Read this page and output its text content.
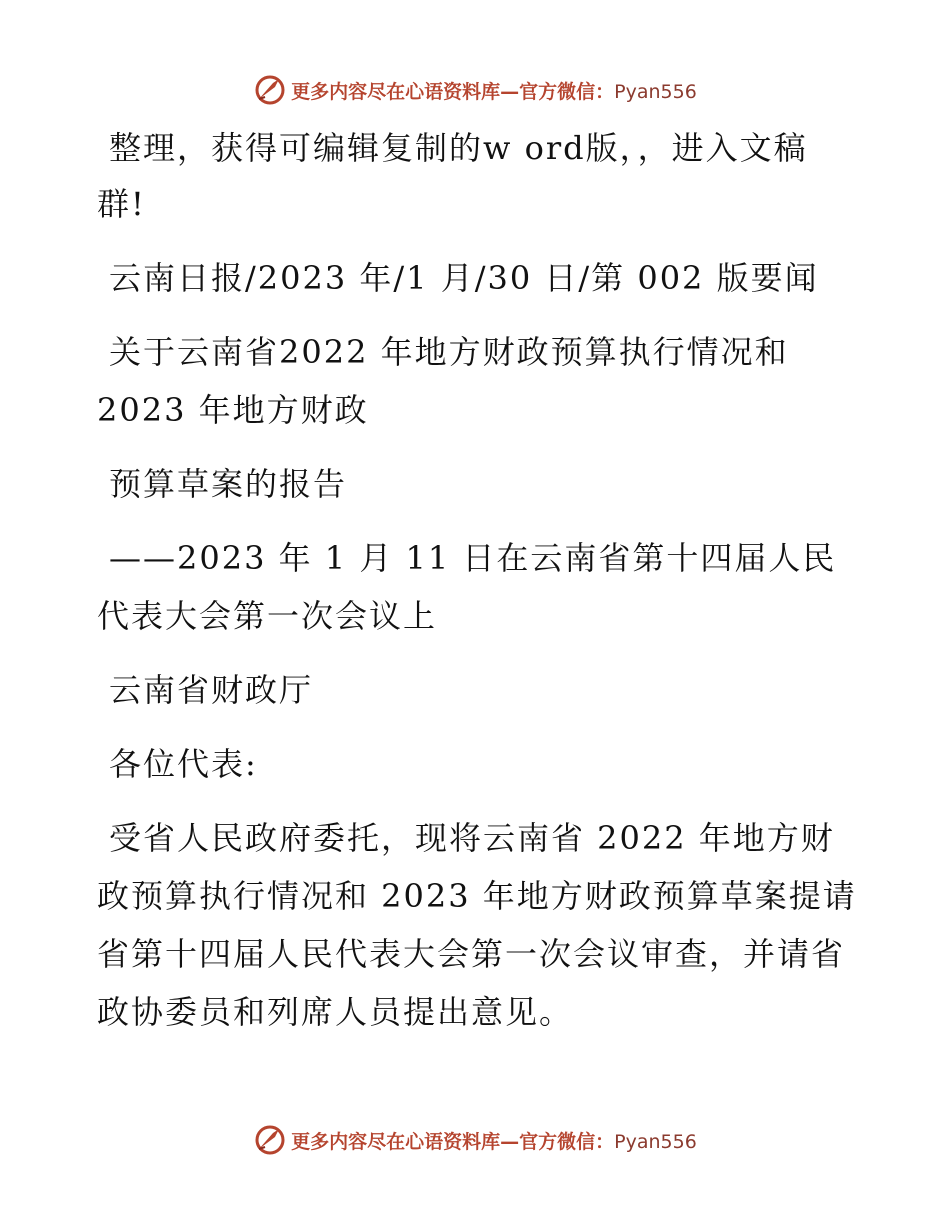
更多内容尽在心语资料库—官方微信：Pyan556
整理，获得可编辑复制的w ord版，，进入文稿
群!
云南日报/2023 年/1 月/30 日/第 002 版要闻
关于云南省2022 年地方财政预算执行情况和
2023 年地方财政
预算草案的报告
——2023 年 1 月 11 日在云南省第十四届人民
代表大会第一次会议上
云南省财政厅
各位代表:
受省人民政府委托，现将云南省 2022 年地方财
政预算执行情况和 2023 年地方财政预算草案提请
省第十四届人民代表大会第一次会议审查，并请省
政协委员和列席人员提出意见。
更多内容尽在心语资料库—官方微信：Pyan556
